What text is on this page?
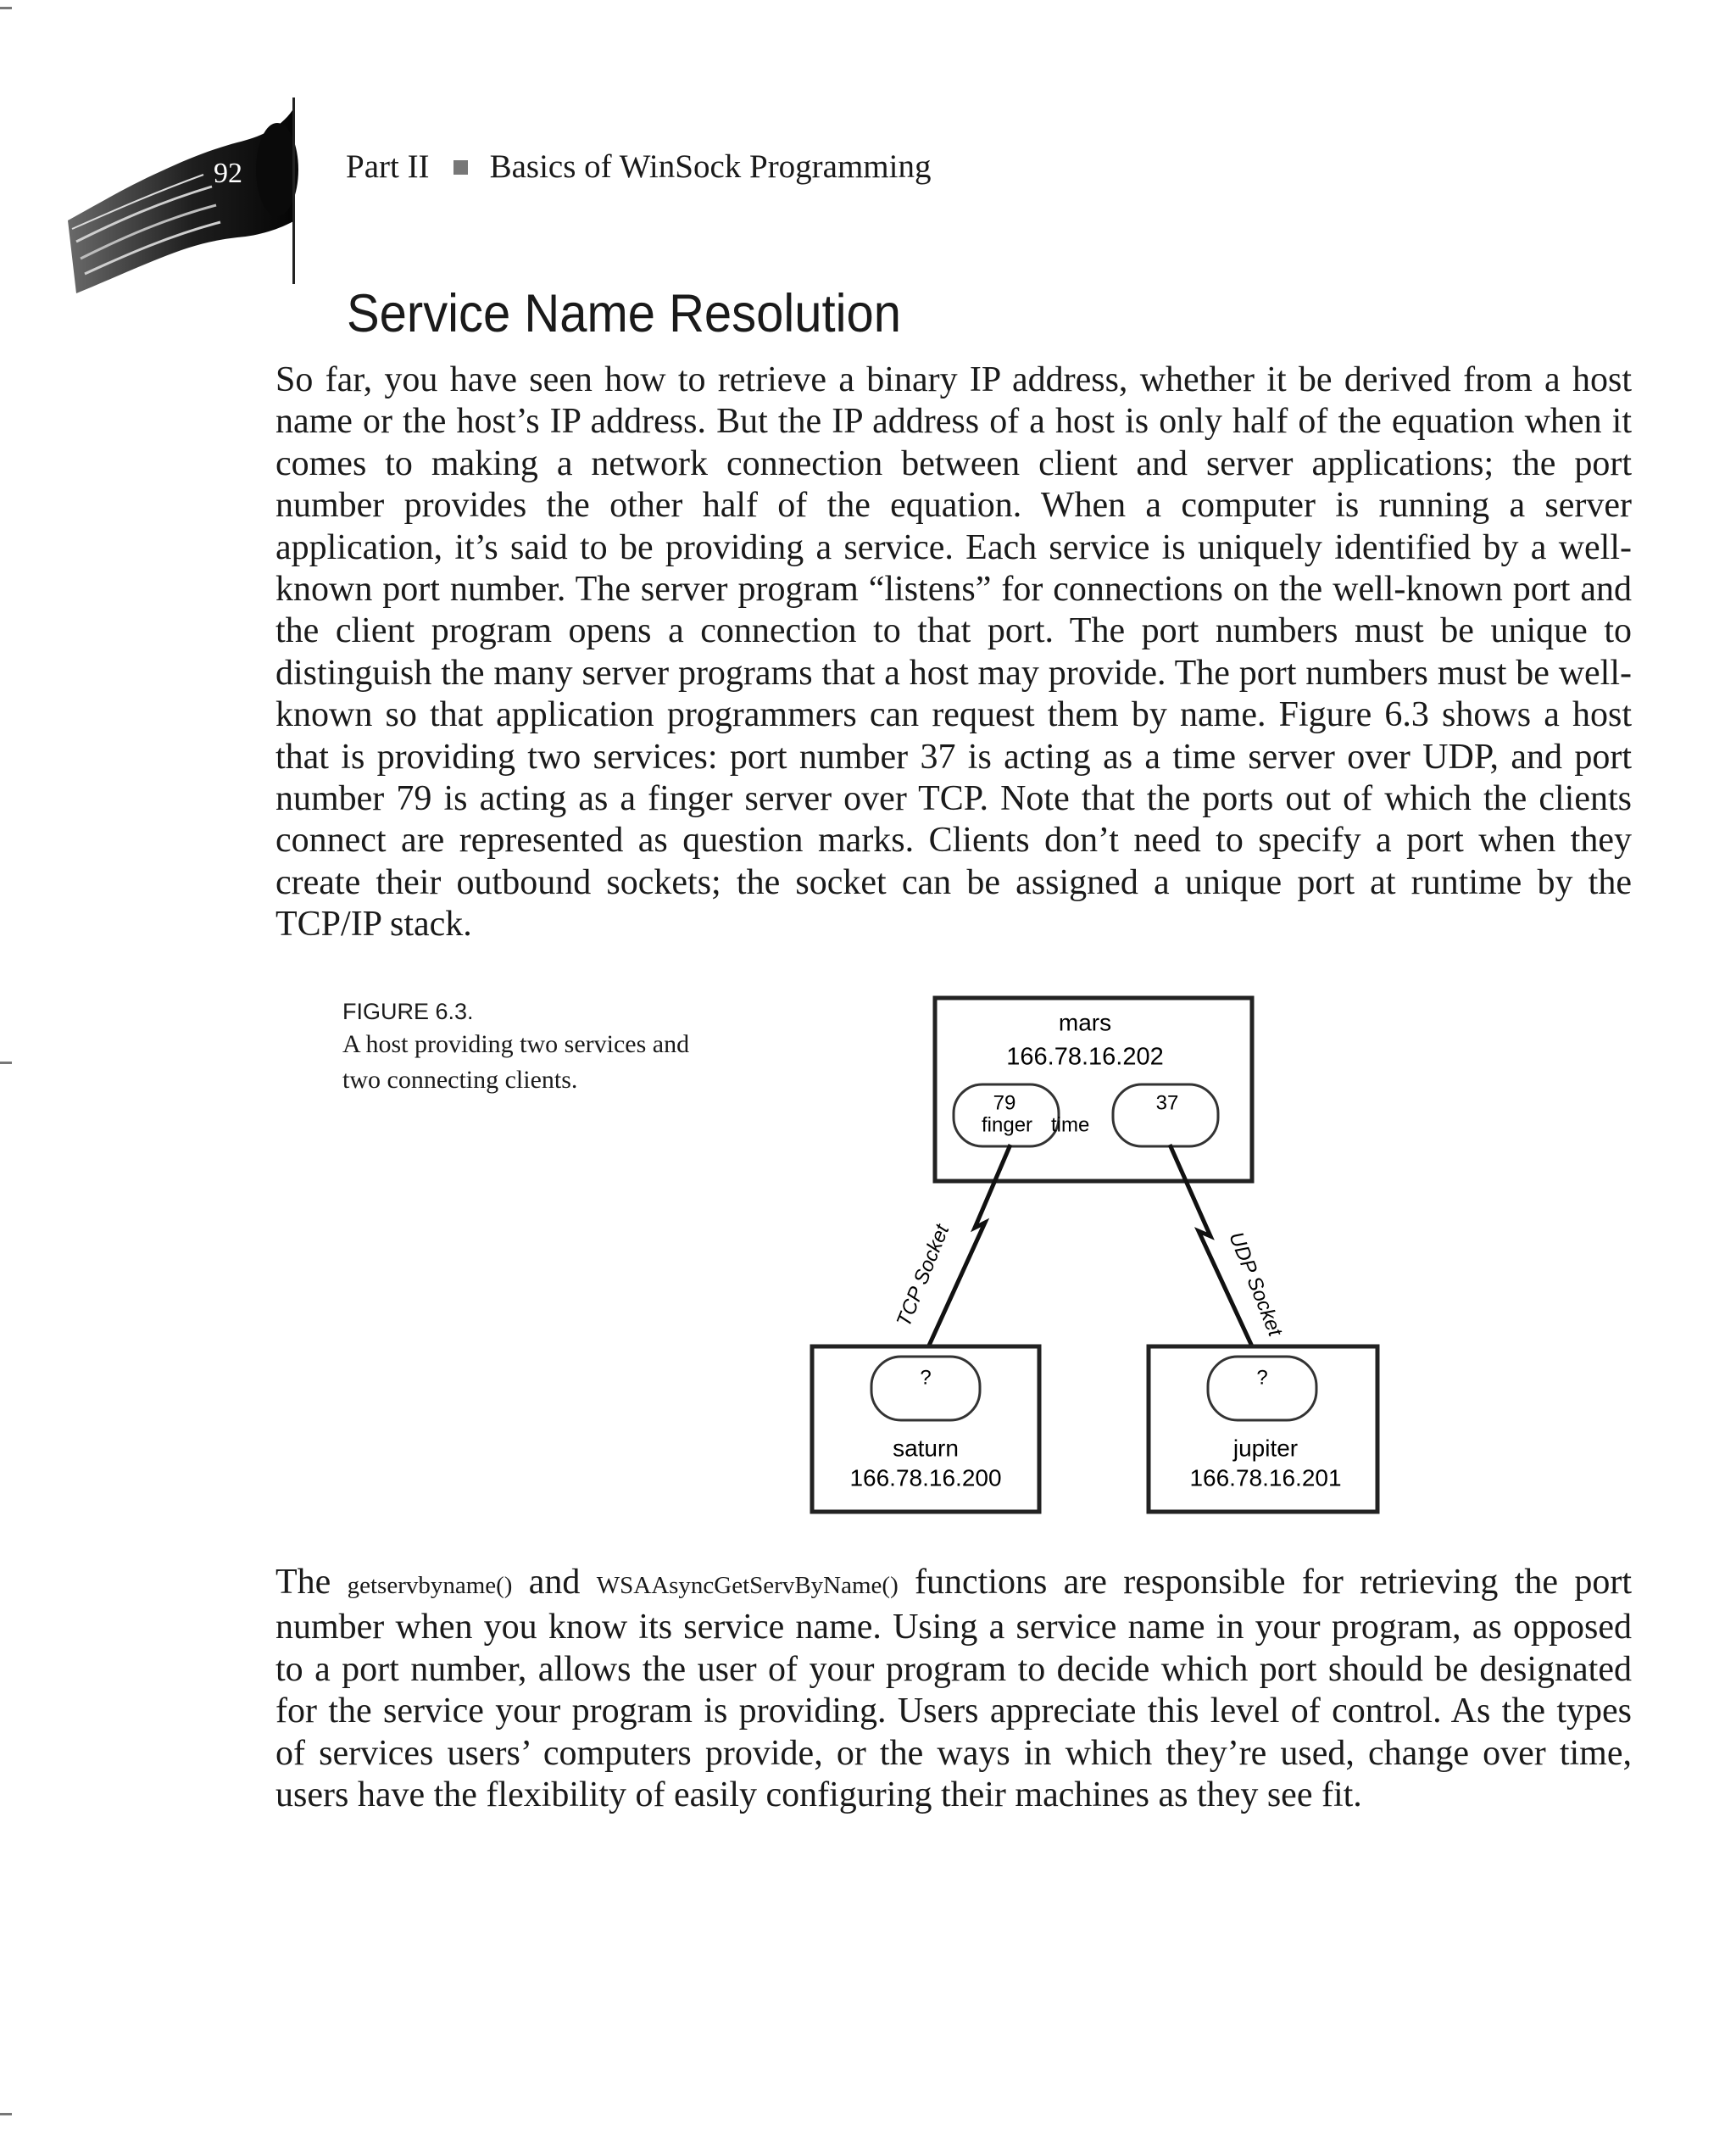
92	Part II Basics of WinSock Programming
Service Name Resolution

So far, you have seen how to retrieve a binary IP address, whether it be derived from a host name or the host’s IP address. But the IP address of a host is only half of the equation when it comes to making a network connection between client and server applications; the port number provides the other half of the equation. When a computer is running a server application, it’s said to be providing a service. Each service is uniquely identified by a well-known port number. The server program “listens” for connections on the well-known port and the client program opens a connection to that port. The port numbers must be unique to distinguish the many server programs that a host may provide. The port numbers must be well-known so that application programmers can request them by name. Figure 6.3 shows a host that is providing two services: port number 37 is acting as a time server over UDP, and port number 79 is acting as a finger server over TCP. Note that the ports out of which the clients connect are represented as question marks. Clients don’t need to specify a port when they create their outbound sockets; the socket can be assigned a unique port at runtime by the TCP/IP stack.

FIGURE 6.3.
A host providing two services and two connecting clients.
mars
166.78.16.202
79
finger
37
time
TCP Socket	UDP Socket
?
saturn
166.78.16.200
?
jupiter
166.78.16.201

The getservbyname() and WSAAsyncGetServByName() functions are responsible for retrieving the port number when you know its service name. Using a service name in your program, as opposed to a port number, allows the user of your program to decide which port should be designated for the service your program is providing. Users appreciate this level of control. As the types of services users’ computers provide, or the ways in which they’re used, change over time, users have the flexibility of easily configuring their machines as they see fit.
